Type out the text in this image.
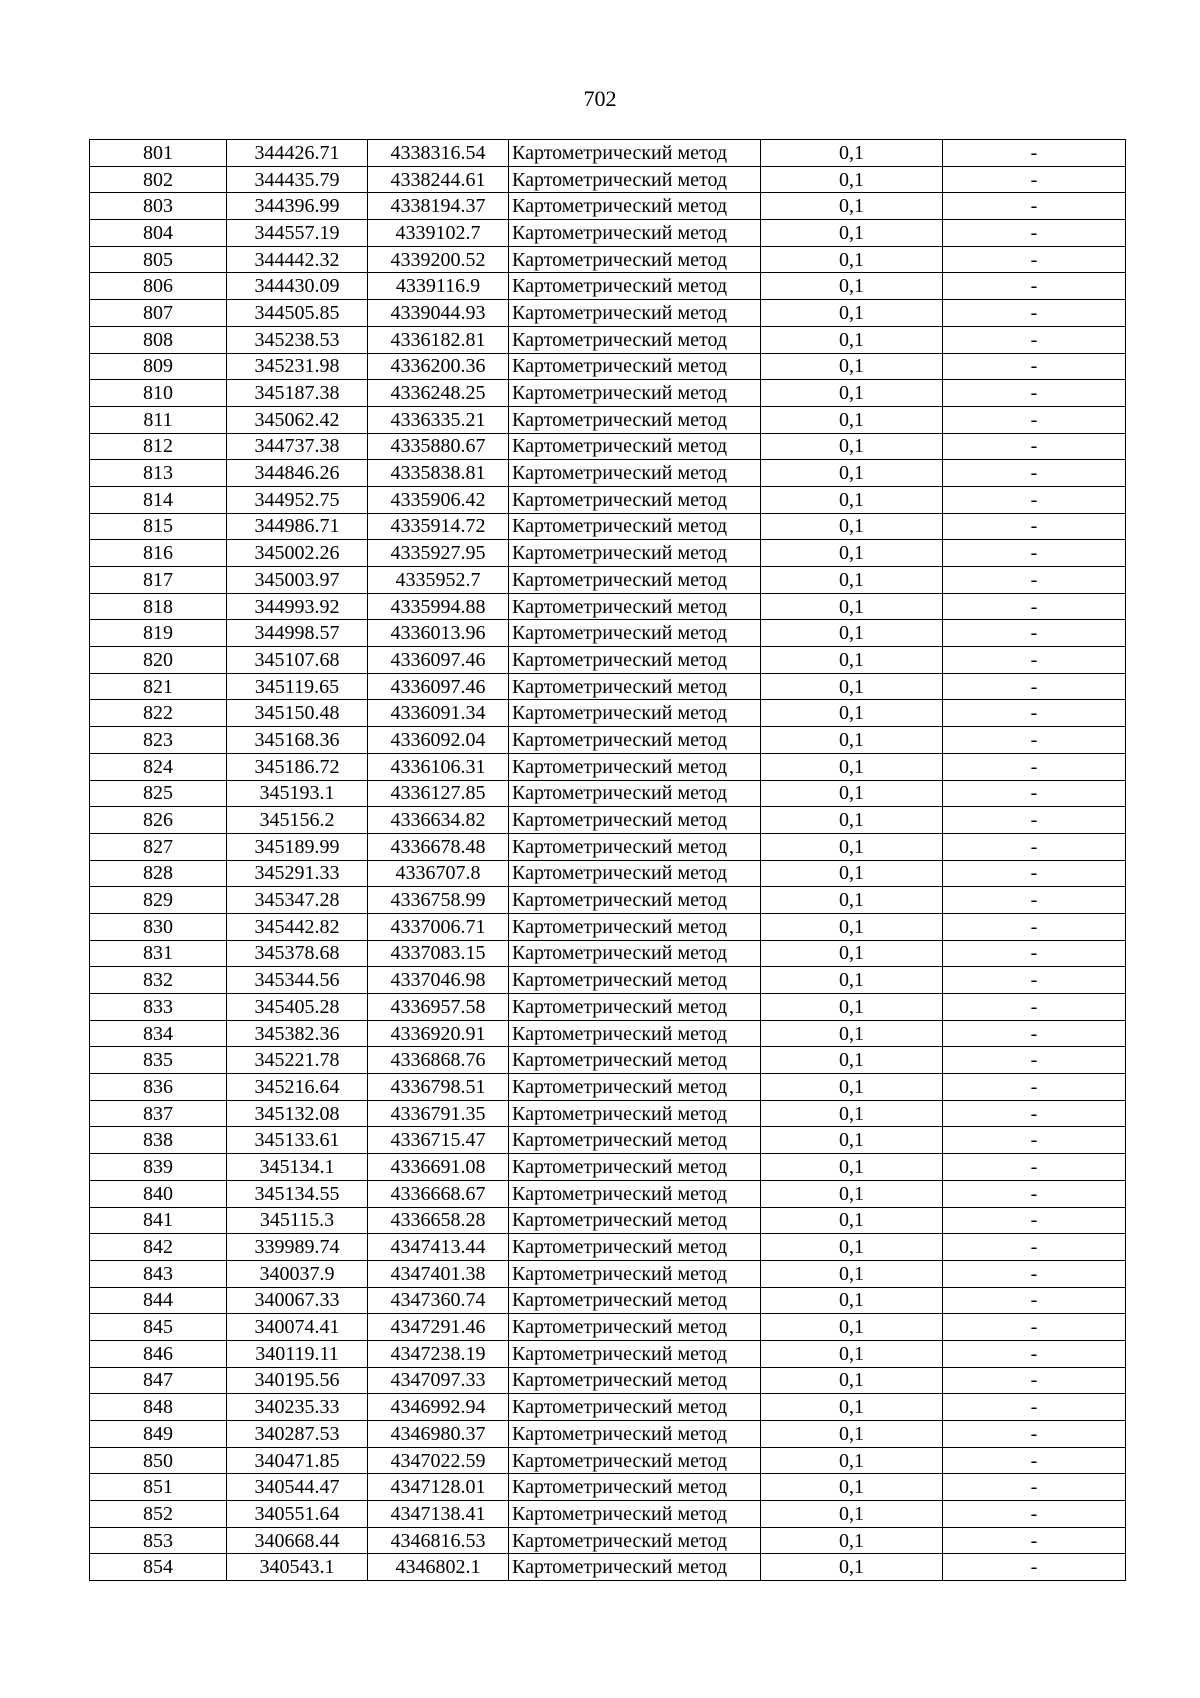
702
801	344426.71	4338316.54	Картометрический метод	0,1	-
802	344435.79	4338244.61	Картометрический метод	0,1	-
803	344396.99	4338194.37	Картометрический метод	0,1	-
804	344557.19	4339102.7	Картометрический метод	0,1	-
805	344442.32	4339200.52	Картометрический метод	0,1	-
806	344430.09	4339116.9	Картометрический метод	0,1	-
807	344505.85	4339044.93	Картометрический метод	0,1	-
808	345238.53	4336182.81	Картометрический метод	0,1	-
809	345231.98	4336200.36	Картометрический метод	0,1	-
810	345187.38	4336248.25	Картометрический метод	0,1	-
811	345062.42	4336335.21	Картометрический метод	0,1	-
812	344737.38	4335880.67	Картометрический метод	0,1	-
813	344846.26	4335838.81	Картометрический метод	0,1	-
814	344952.75	4335906.42	Картометрический метод	0,1	-
815	344986.71	4335914.72	Картометрический метод	0,1	-
816	345002.26	4335927.95	Картометрический метод	0,1	-
817	345003.97	4335952.7	Картометрический метод	0,1	-
818	344993.92	4335994.88	Картометрический метод	0,1	-
819	344998.57	4336013.96	Картометрический метод	0,1	-
820	345107.68	4336097.46	Картометрический метод	0,1	-
821	345119.65	4336097.46	Картометрический метод	0,1	-
822	345150.48	4336091.34	Картометрический метод	0,1	-
823	345168.36	4336092.04	Картометрический метод	0,1	-
824	345186.72	4336106.31	Картометрический метод	0,1	-
825	345193.1	4336127.85	Картометрический метод	0,1	-
826	345156.2	4336634.82	Картометрический метод	0,1	-
827	345189.99	4336678.48	Картометрический метод	0,1	-
828	345291.33	4336707.8	Картометрический метод	0,1	-
829	345347.28	4336758.99	Картометрический метод	0,1	-
830	345442.82	4337006.71	Картометрический метод	0,1	-
831	345378.68	4337083.15	Картометрический метод	0,1	-
832	345344.56	4337046.98	Картометрический метод	0,1	-
833	345405.28	4336957.58	Картометрический метод	0,1	-
834	345382.36	4336920.91	Картометрический метод	0,1	-
835	345221.78	4336868.76	Картометрический метод	0,1	-
836	345216.64	4336798.51	Картометрический метод	0,1	-
837	345132.08	4336791.35	Картометрический метод	0,1	-
838	345133.61	4336715.47	Картометрический метод	0,1	-
839	345134.1	4336691.08	Картометрический метод	0,1	-
840	345134.55	4336668.67	Картометрический метод	0,1	-
841	345115.3	4336658.28	Картометрический метод	0,1	-
842	339989.74	4347413.44	Картометрический метод	0,1	-
843	340037.9	4347401.38	Картометрический метод	0,1	-
844	340067.33	4347360.74	Картометрический метод	0,1	-
845	340074.41	4347291.46	Картометрический метод	0,1	-
846	340119.11	4347238.19	Картометрический метод	0,1	-
847	340195.56	4347097.33	Картометрический метод	0,1	-
848	340235.33	4346992.94	Картометрический метод	0,1	-
849	340287.53	4346980.37	Картометрический метод	0,1	-
850	340471.85	4347022.59	Картометрический метод	0,1	-
851	340544.47	4347128.01	Картометрический метод	0,1	-
852	340551.64	4347138.41	Картометрический метод	0,1	-
853	340668.44	4346816.53	Картометрический метод	0,1	-
854	340543.1	4346802.1	Картометрический метод	0,1	-
